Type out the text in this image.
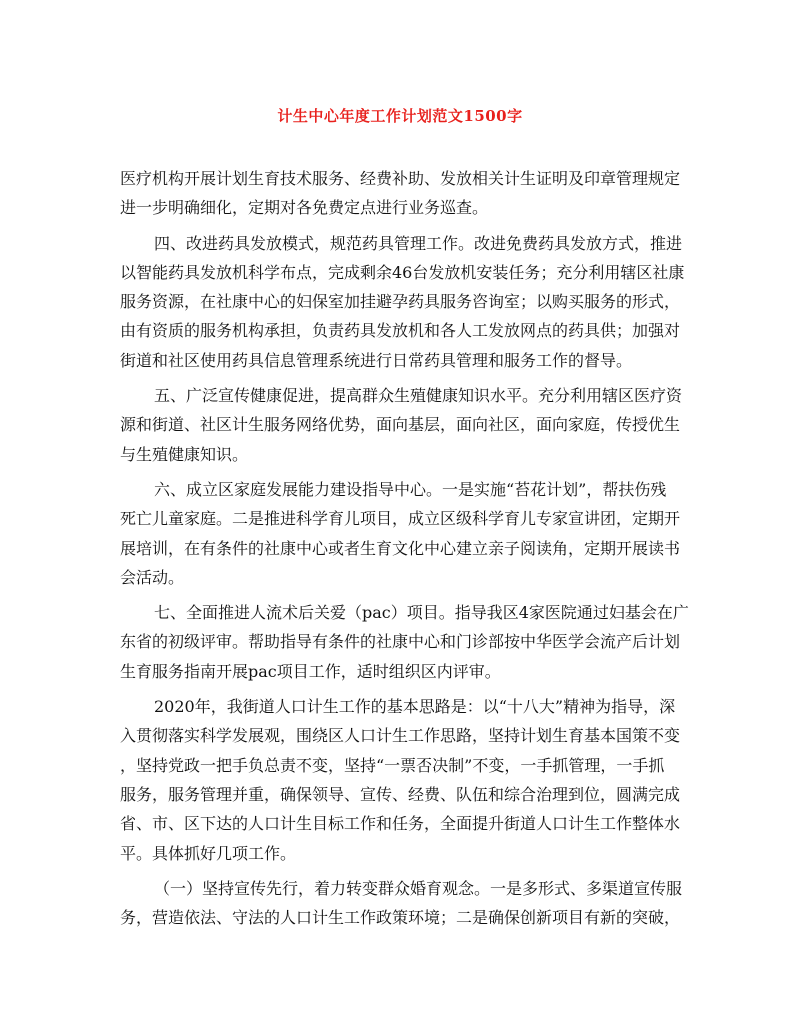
计生中心年度工作计划范文1500字
医疗机构开展计划生育技术服务、经费补助、发放相关计生证明及印章管理规定
进一步明确细化，定期对各免费定点进行业务巡查。
四、改进药具发放模式，规范药具管理工作。改进免费药具发放方式，推进
以智能药具发放机科学布点，完成剩余46台发放机安装任务；充分利用辖区社康
服务资源，在社康中心的妇保室加挂避孕药具服务咨询室；以购买服务的形式，
由有资质的服务机构承担，负责药具发放机和各人工发放网点的药具供；加强对
街道和社区使用药具信息管理系统进行日常药具管理和服务工作的督导。
五、广泛宣传健康促进，提高群众生殖健康知识水平。充分利用辖区医疗资
源和街道、社区计生服务网络优势，面向基层，面向社区，面向家庭，传授优生
与生殖健康知识。
六、成立区家庭发展能力建设指导中心。一是实施“苔花计划”，帮扶伤残
死亡儿童家庭。二是推进科学育儿项目，成立区级科学育儿专家宣讲团，定期开
展培训，在有条件的社康中心或者生育文化中心建立亲子阅读角，定期开展读书
会活动。
七、全面推进人流术后关爱（pac）项目。指导我区4家医院通过妇基会在广
东省的初级评审。帮助指导有条件的社康中心和门诊部按中华医学会流产后计划
生育服务指南开展pac项目工作，适时组织区内评审。
2020年，我街道人口计生工作的基本思路是：以“十八大”精神为指导，深
入贯彻落实科学发展观，围绕区人口计生工作思路，坚持计划生育基本国策不变
，坚持党政一把手负总责不变，坚持“一票否决制”不变，一手抓管理，一手抓
服务，服务管理并重，确保领导、宣传、经费、队伍和综合治理到位，圆满完成
省、市、区下达的人口计生目标工作和任务，全面提升街道人口计生工作整体水
平。具体抓好几项工作。
（一）坚持宣传先行，着力转变群众婚育观念。一是多形式、多渠道宣传服
务，营造依法、守法的人口计生工作政策环境；二是确保创新项目有新的突破，
